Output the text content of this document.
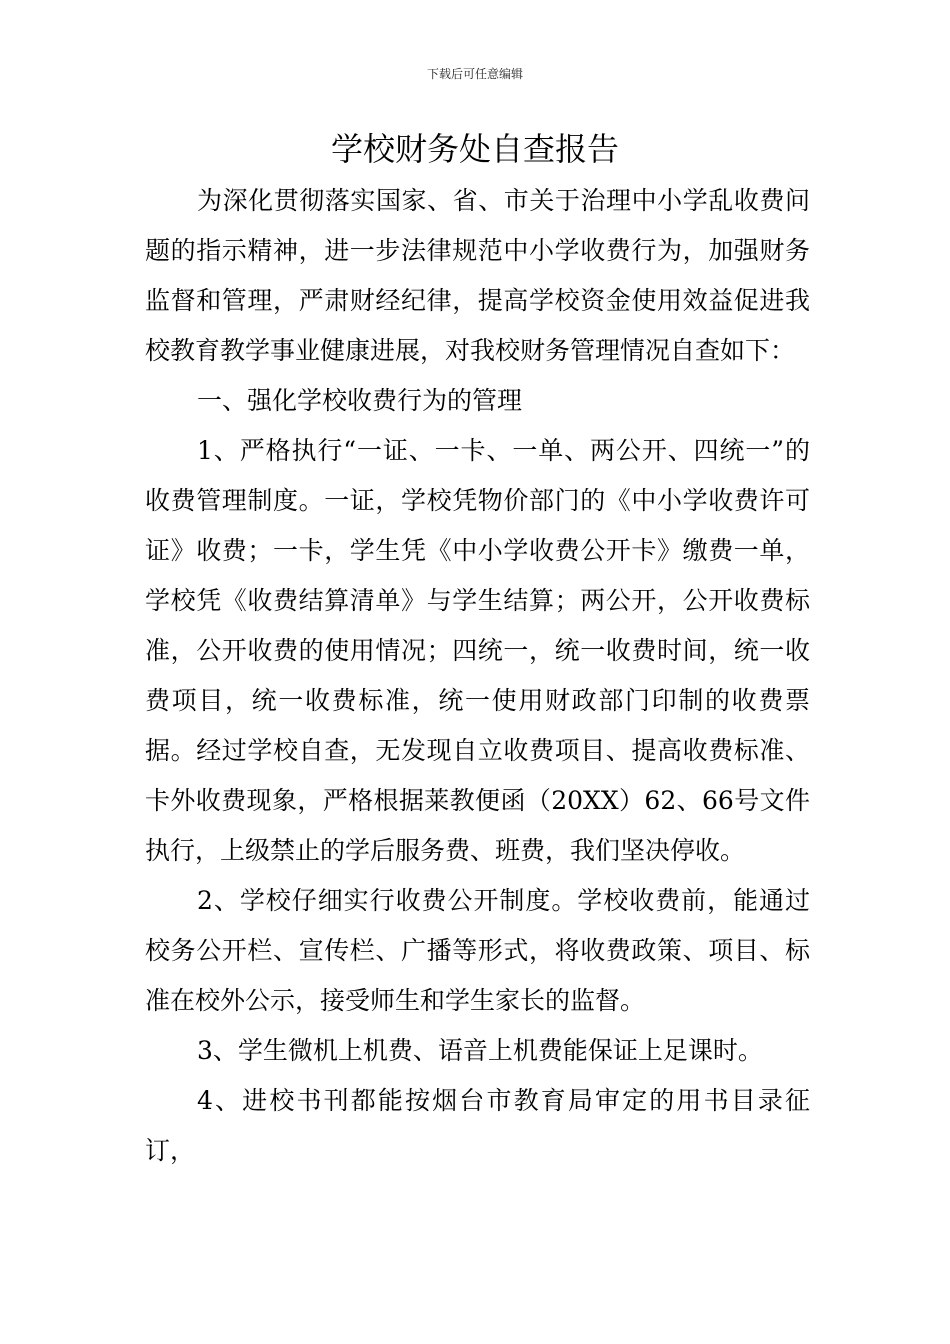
下载后可任意编辑
学校财务处自查报告

为深化贯彻落实国家、省、市关于治理中小学乱收费问题的指示精神，进一步法律规范中小学收费行为，加强财务监督和管理，严肃财经纪律，提高学校资金使用效益促进我校教育教学事业健康进展，对我校财务管理情况自查如下：

一、强化学校收费行为的管理

1、严格执行“一证、一卡、一单、两公开、四统一”的收费管理制度。一证，学校凭物价部门的《中小学收费许可证》收费；一卡，学生凭《中小学收费公开卡》缴费一单，学校凭《收费结算清单》与学生结算；两公开，公开收费标准，公开收费的使用情况；四统一，统一收费时间，统一收费项目，统一收费标准，统一使用财政部门印制的收费票据。经过学校自查，无发现自立收费项目、提高收费标准、卡外收费现象，严格根据莱教便函（20XX）62、66号文件执行，上级禁止的学后服务费、班费，我们坚决停收。

2、学校仔细实行收费公开制度。学校收费前，能通过校务公开栏、宣传栏、广播等形式，将收费政策、项目、标准在校外公示，接受师生和学生家长的监督。

3、学生微机上机费、语音上机费能保证上足课时。

4、进校书刊都能按烟台市教育局审定的用书目录征订，
